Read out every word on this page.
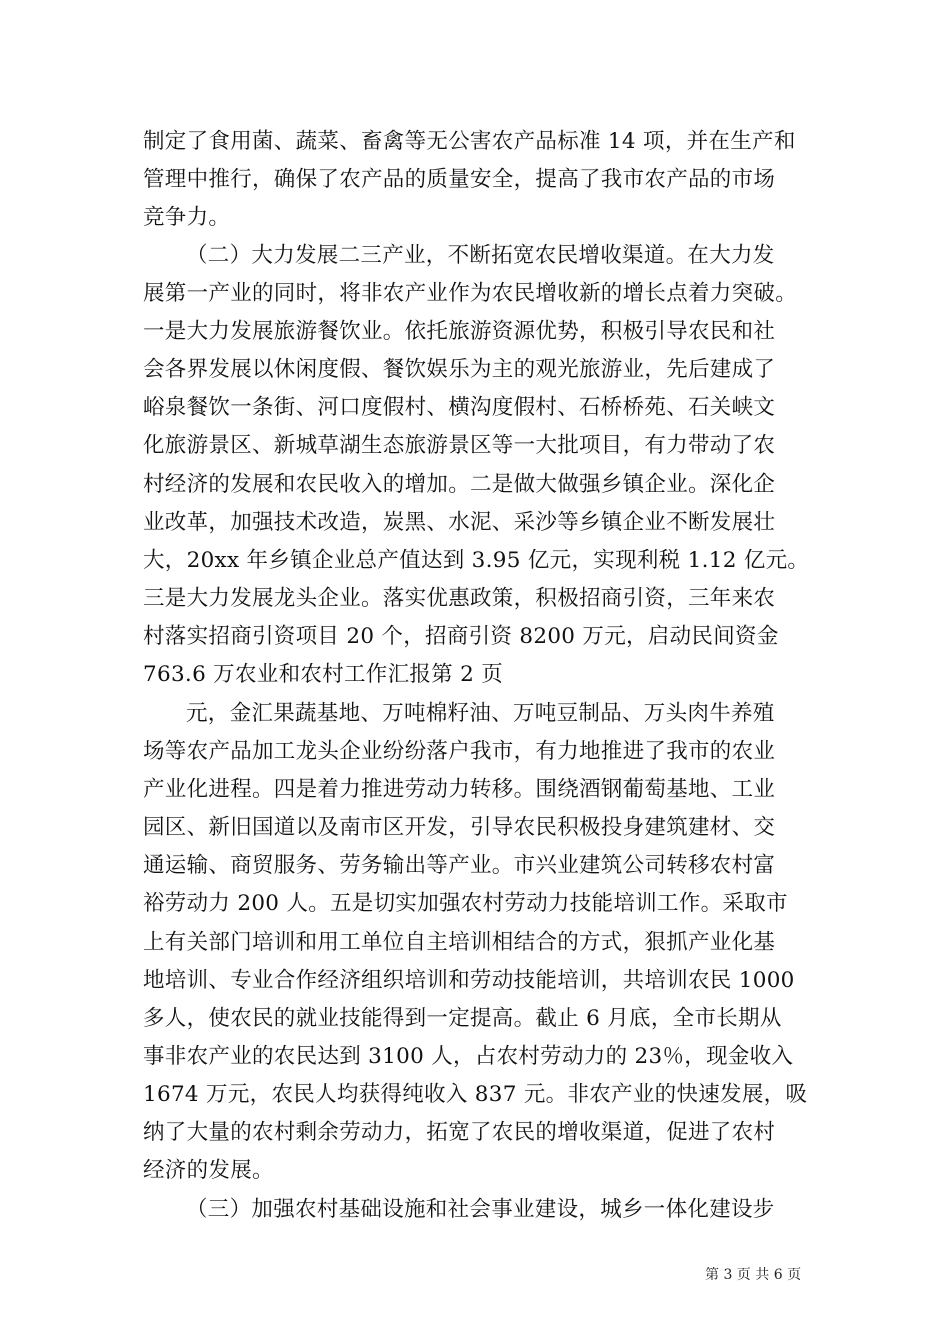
制定了食用菌、蔬菜、畜禽等无公害农产品标准 14 项，并在生产和
管理中推行，确保了农产品的质量安全，提高了我市农产品的市场
竞争力。
（二）大力发展二三产业，不断拓宽农民增收渠道。在大力发
展第一产业的同时，将非农产业作为农民增收新的增长点着力突破。
一是大力发展旅游餐饮业。依托旅游资源优势，积极引导农民和社
会各界发展以休闲度假、餐饮娱乐为主的观光旅游业，先后建成了
峪泉餐饮一条街、河口度假村、横沟度假村、石桥桥苑、石关峡文
化旅游景区、新城草湖生态旅游景区等一大批项目，有力带动了农
村经济的发展和农民收入的增加。二是做大做强乡镇企业。深化企
业改革，加强技术改造，炭黑、水泥、采沙等乡镇企业不断发展壮
大，20xx 年乡镇企业总产值达到 3.95 亿元，实现利税 1.12 亿元。
三是大力发展龙头企业。落实优惠政策，积极招商引资，三年来农
村落实招商引资项目 20 个，招商引资 8200 万元，启动民间资金
763.6 万农业和农村工作汇报第 2 页
元，金汇果蔬基地、万吨棉籽油、万吨豆制品、万头肉牛养殖
场等农产品加工龙头企业纷纷落户我市，有力地推进了我市的农业
产业化进程。四是着力推进劳动力转移。围绕酒钢葡萄基地、工业
园区、新旧国道以及南市区开发，引导农民积极投身建筑建材、交
通运输、商贸服务、劳务输出等产业。市兴业建筑公司转移农村富
裕劳动力 200 人。五是切实加强农村劳动力技能培训工作。采取市
上有关部门培训和用工单位自主培训相结合的方式，狠抓产业化基
地培训、专业合作经济组织培训和劳动技能培训，共培训农民 1000
多人，使农民的就业技能得到一定提高。截止 6 月底，全市长期从
事非农产业的农民达到 3100 人，占农村劳动力的 23％，现金收入
1674 万元，农民人均获得纯收入 837 元。非农产业的快速发展，吸
纳了大量的农村剩余劳动力，拓宽了农民的增收渠道，促进了农村
经济的发展。
（三）加强农村基础设施和社会事业建设，城乡一体化建设步
第 3 页 共 6 页
